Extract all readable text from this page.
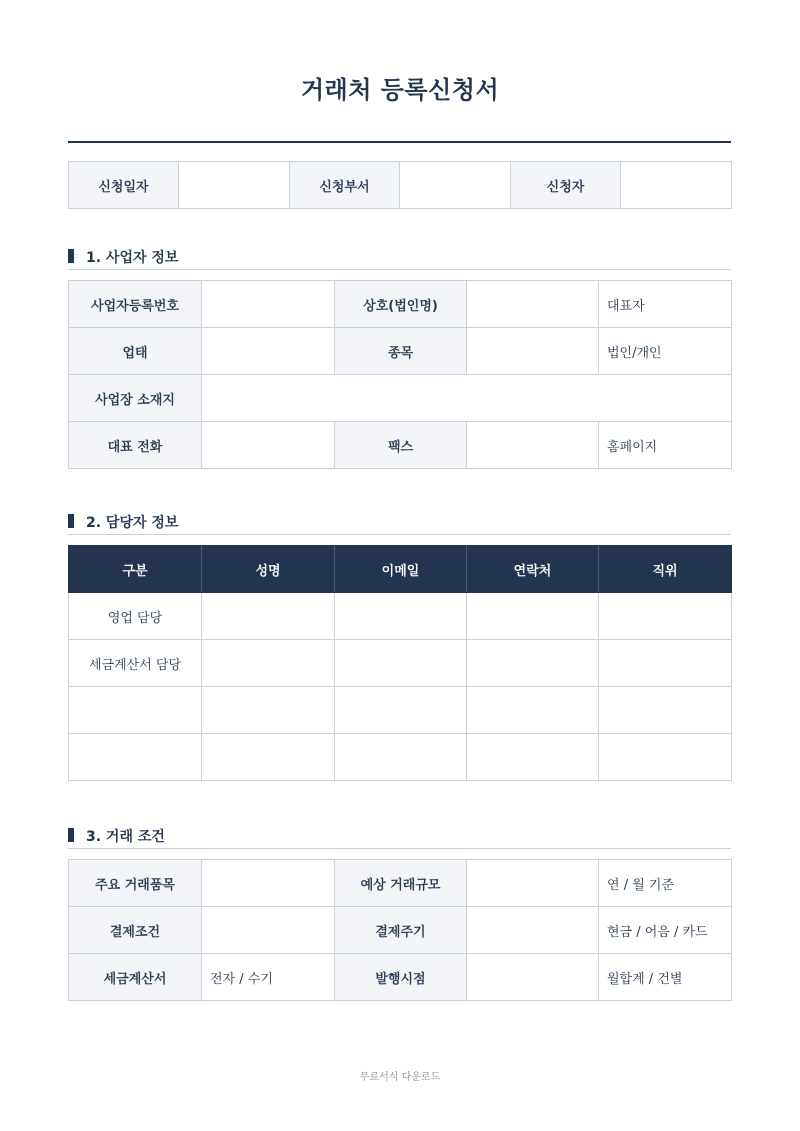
거래처 등록신청서
신청일자		신청부서		신청자	
1. 사업자 정보
사업자등록번호		상호(법인명)		대표자
업태		종목		법인/개인
사업장 소재지				
대표 전화		팩스		홈페이지
2. 담당자 정보
구분	성명	이메일	연락처	직위
영업 담당				
세금계산서 담당				

3. 거래 조건
주요 거래품목		예상 거래규모		연 / 월 기준
결제조건		결제주기		현금 / 어음 / 카드
세금계산서	전자 / 수기	발행시점		월합계 / 건별
무료서식 다운로드
